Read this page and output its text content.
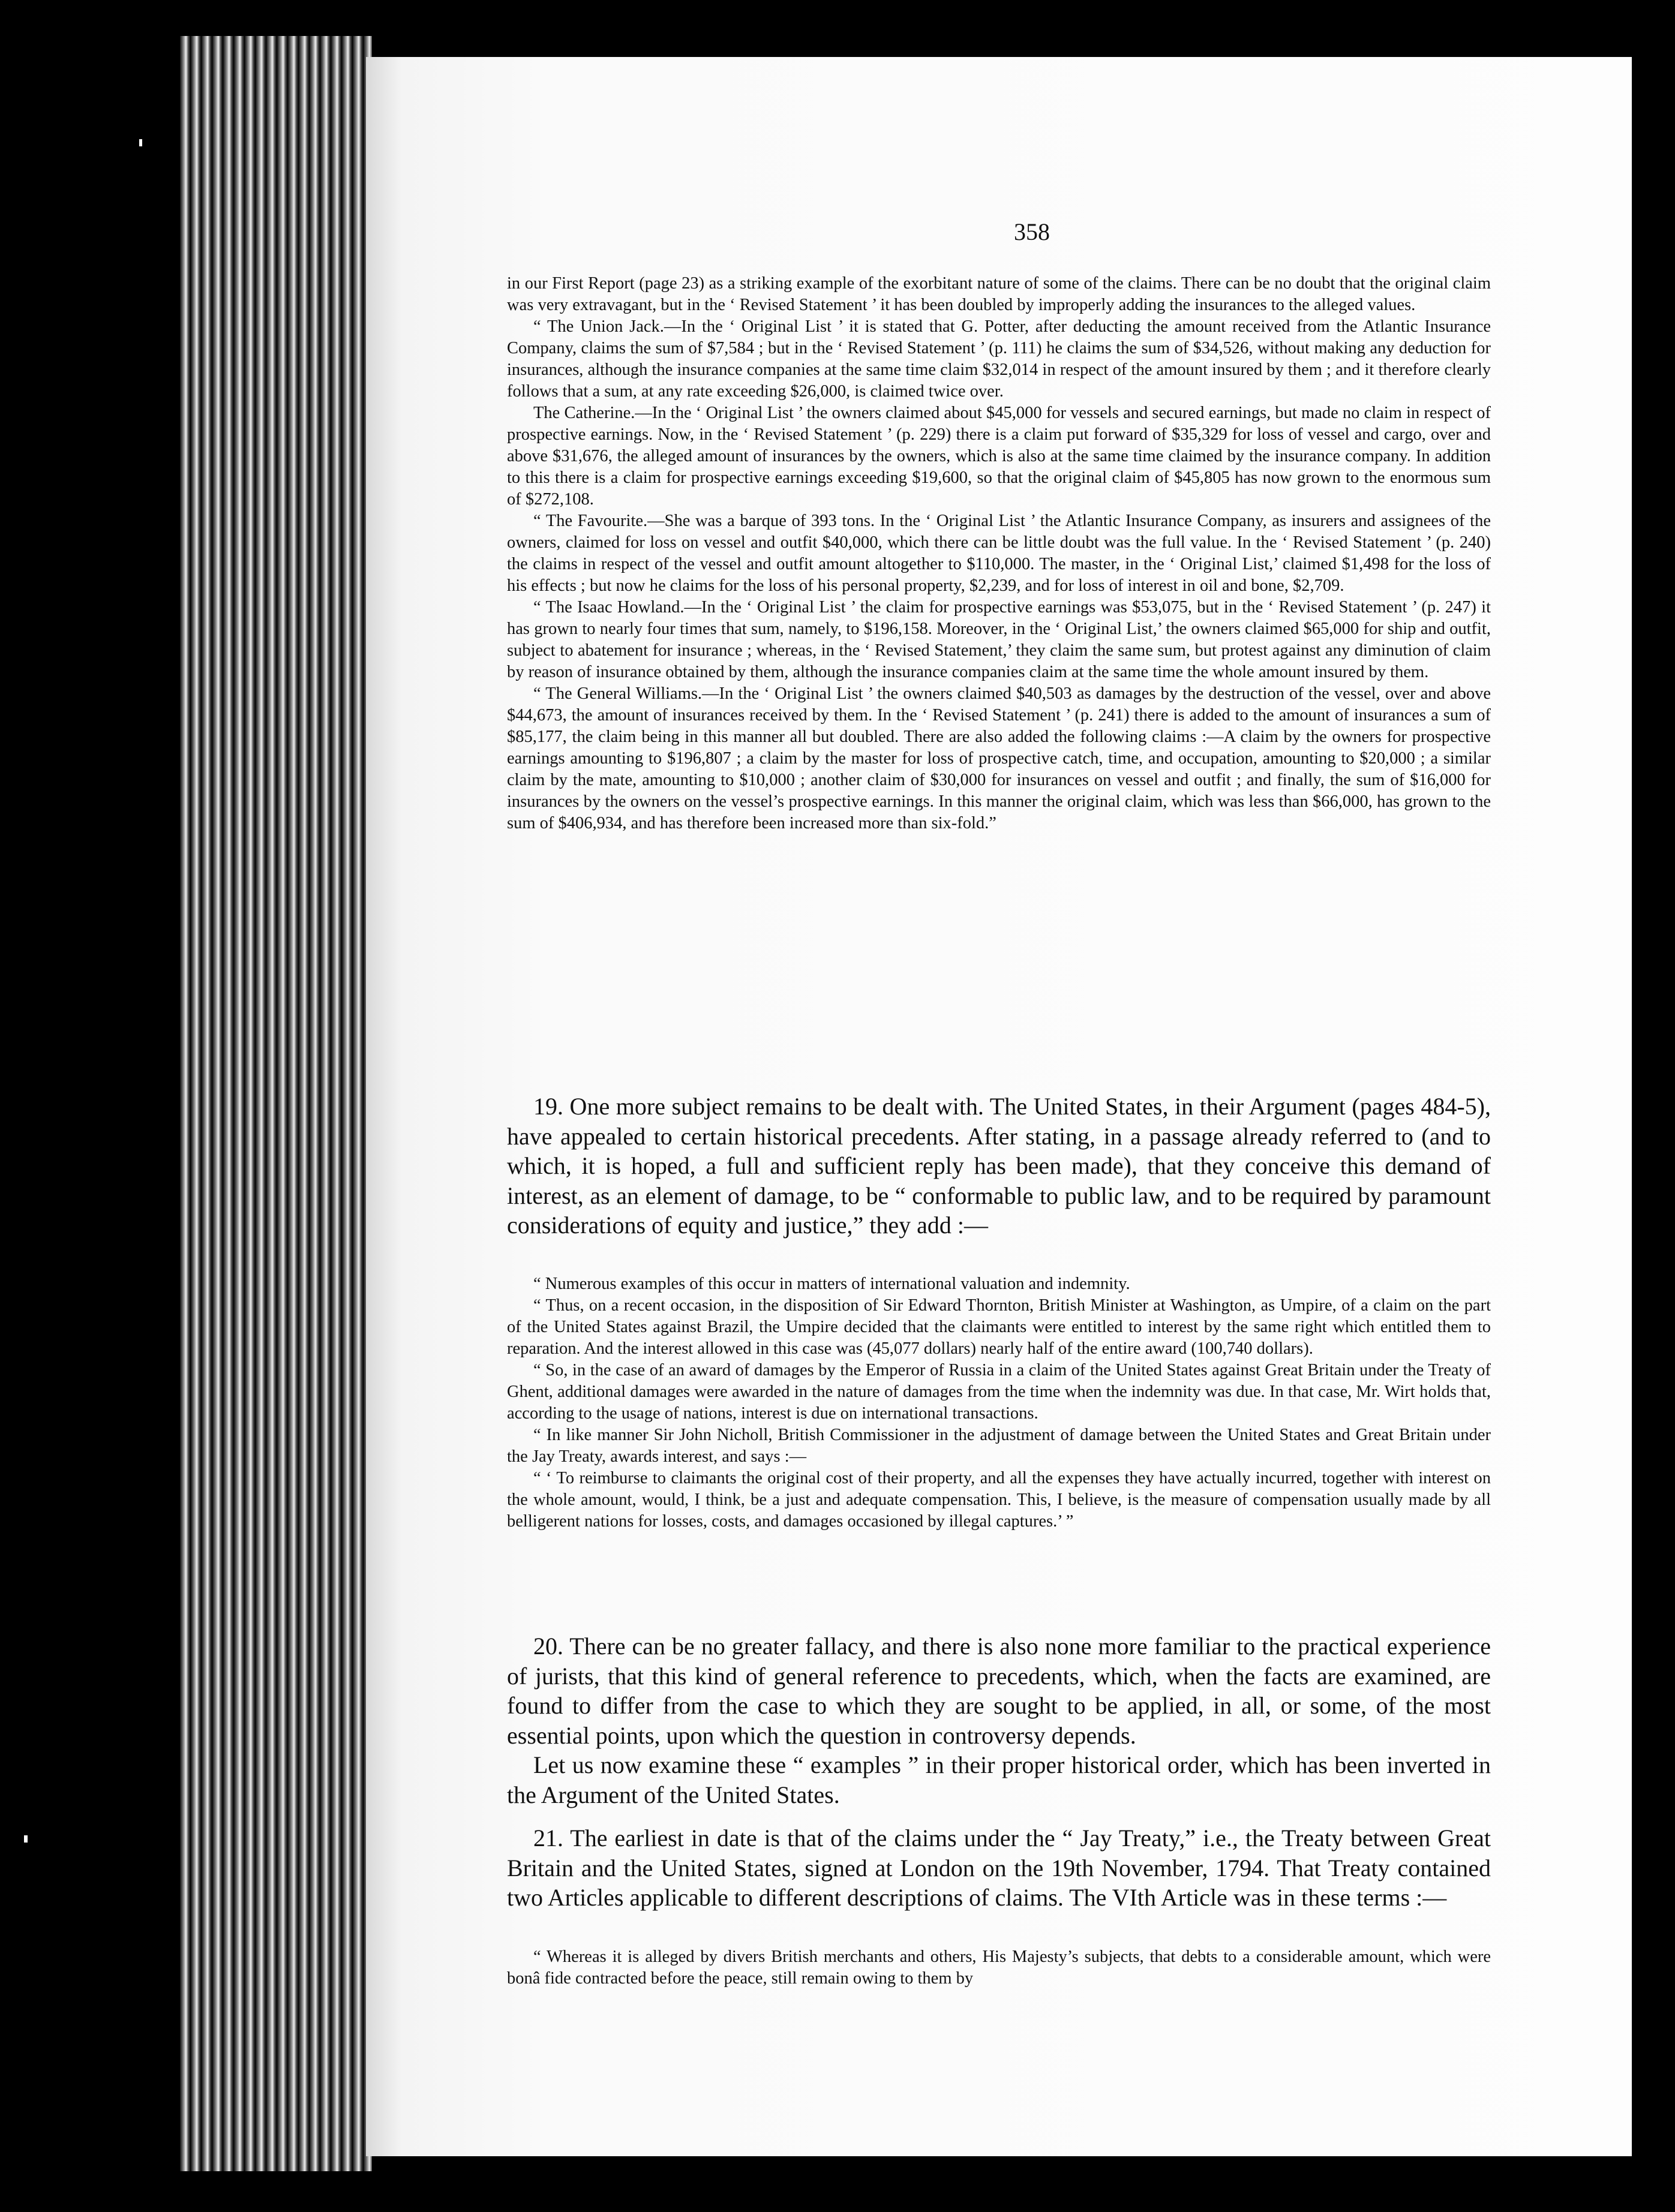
358

in our First Report (page 23) as a striking example of the exorbitant nature of some of the claims. There can be no doubt that the original claim was very extravagant, but in the ‘ Revised Statement ’ it has been doubled by improperly adding the insurances to the alleged values.

“ The Union Jack.—In the ‘ Original List ’ it is stated that G. Potter, after deducting the amount received from the Atlantic Insurance Company, claims the sum of $7,584 ; but in the ‘ Revised Statement ’ (p. 111) he claims the sum of $34,526, without making any deduction for insurances, although the insurance companies at the same time claim $32,014 in respect of the amount insured by them ; and it therefore clearly follows that a sum, at any rate exceeding $26,000, is claimed twice over.

The Catherine.—In the ‘ Original List ’ the owners claimed about $45,000 for vessels and secured earnings, but made no claim in respect of prospective earnings. Now, in the ‘ Revised Statement ’ (p. 229) there is a claim put forward of $35,329 for loss of vessel and cargo, over and above $31,676, the alleged amount of insurances by the owners, which is also at the same time claimed by the insurance company. In addition to this there is a claim for prospective earnings exceeding $19,600, so that the original claim of $45,805 has now grown to the enormous sum of $272,108.

“ The Favourite.—She was a barque of 393 tons. In the ‘ Original List ’ the Atlantic Insurance Company, as insurers and assignees of the owners, claimed for loss on vessel and outfit $40,000, which there can be little doubt was the full value. In the ‘ Revised Statement ’ (p. 240) the claims in respect of the vessel and outfit amount altogether to $110,000. The master, in the ‘ Original List,’ claimed $1,498 for the loss of his effects ; but now he claims for the loss of his personal property, $2,239, and for loss of interest in oil and bone, $2,709.

“ The Isaac Howland.—In the ‘ Original List ’ the claim for prospective earnings was $53,075, but in the ‘ Revised Statement ’ (p. 247) it has grown to nearly four times that sum, namely, to $196,158. Moreover, in the ‘ Original List,’ the owners claimed $65,000 for ship and outfit, subject to abatement for insurance ; whereas, in the ‘ Revised Statement,’ they claim the same sum, but protest against any diminution of claim by reason of insurance obtained by them, although the insurance companies claim at the same time the whole amount insured by them.

“ The General Williams.—In the ‘ Original List ’ the owners claimed $40,503 as damages by the destruction of the vessel, over and above $44,673, the amount of insurances received by them. In the ‘ Revised Statement ’ (p. 241) there is added to the amount of insurances a sum of $85,177, the claim being in this manner all but doubled. There are also added the following claims :—A claim by the owners for prospective earnings amounting to $196,807 ; a claim by the master for loss of prospective catch, time, and occupation, amounting to $20,000 ; a similar claim by the mate, amounting to $10,000 ; another claim of $30,000 for insurances on vessel and outfit ; and finally, the sum of $16,000 for insurances by the owners on the vessel’s prospective earnings. In this manner the original claim, which was less than $66,000, has grown to the sum of $406,934, and has therefore been increased more than six-fold.”

19. One more subject remains to be dealt with. The United States, in their Argument (pages 484-5), have appealed to certain historical precedents. After stating, in a passage already referred to (and to which, it is hoped, a full and sufficient reply has been made), that they conceive this demand of interest, as an element of damage, to be “ conformable to public law, and to be required by paramount considerations of equity and justice,” they add :—

“ Numerous examples of this occur in matters of international valuation and indemnity.

“ Thus, on a recent occasion, in the disposition of Sir Edward Thornton, British Minister at Washington, as Umpire, of a claim on the part of the United States against Brazil, the Umpire decided that the claimants were entitled to interest by the same right which entitled them to reparation. And the interest allowed in this case was (45,077 dollars) nearly half of the entire award (100,740 dollars).

“ So, in the case of an award of damages by the Emperor of Russia in a claim of the United States against Great Britain under the Treaty of Ghent, additional damages were awarded in the nature of damages from the time when the indemnity was due. In that case, Mr. Wirt holds that, according to the usage of nations, interest is due on international transactions.

“ In like manner Sir John Nicholl, British Commissioner in the adjustment of damage between the United States and Great Britain under the Jay Treaty, awards interest, and says :—

“ ‘ To reimburse to claimants the original cost of their property, and all the expenses they have actually incurred, together with interest on the whole amount, would, I think, be a just and adequate compensation. This, I believe, is the measure of compensation usually made by all belligerent nations for losses, costs, and damages occasioned by illegal captures.’ ”

20. There can be no greater fallacy, and there is also none more familiar to the practical experience of jurists, that this kind of general reference to precedents, which, when the facts are examined, are found to differ from the case to which they are sought to be applied, in all, or some, of the most essential points, upon which the question in controversy depends.

Let us now examine these “ examples ” in their proper historical order, which has been inverted in the Argument of the United States.

21. The earliest in date is that of the claims under the “ Jay Treaty,” i.e., the Treaty between Great Britain and the United States, signed at London on the 19th November, 1794. That Treaty contained two Articles applicable to different descriptions of claims. The VIth Article was in these terms :—

“ Whereas it is alleged by divers British merchants and others, His Majesty’s subjects, that debts to a considerable amount, which were bonâ fide contracted before the peace, still remain owing to them by
